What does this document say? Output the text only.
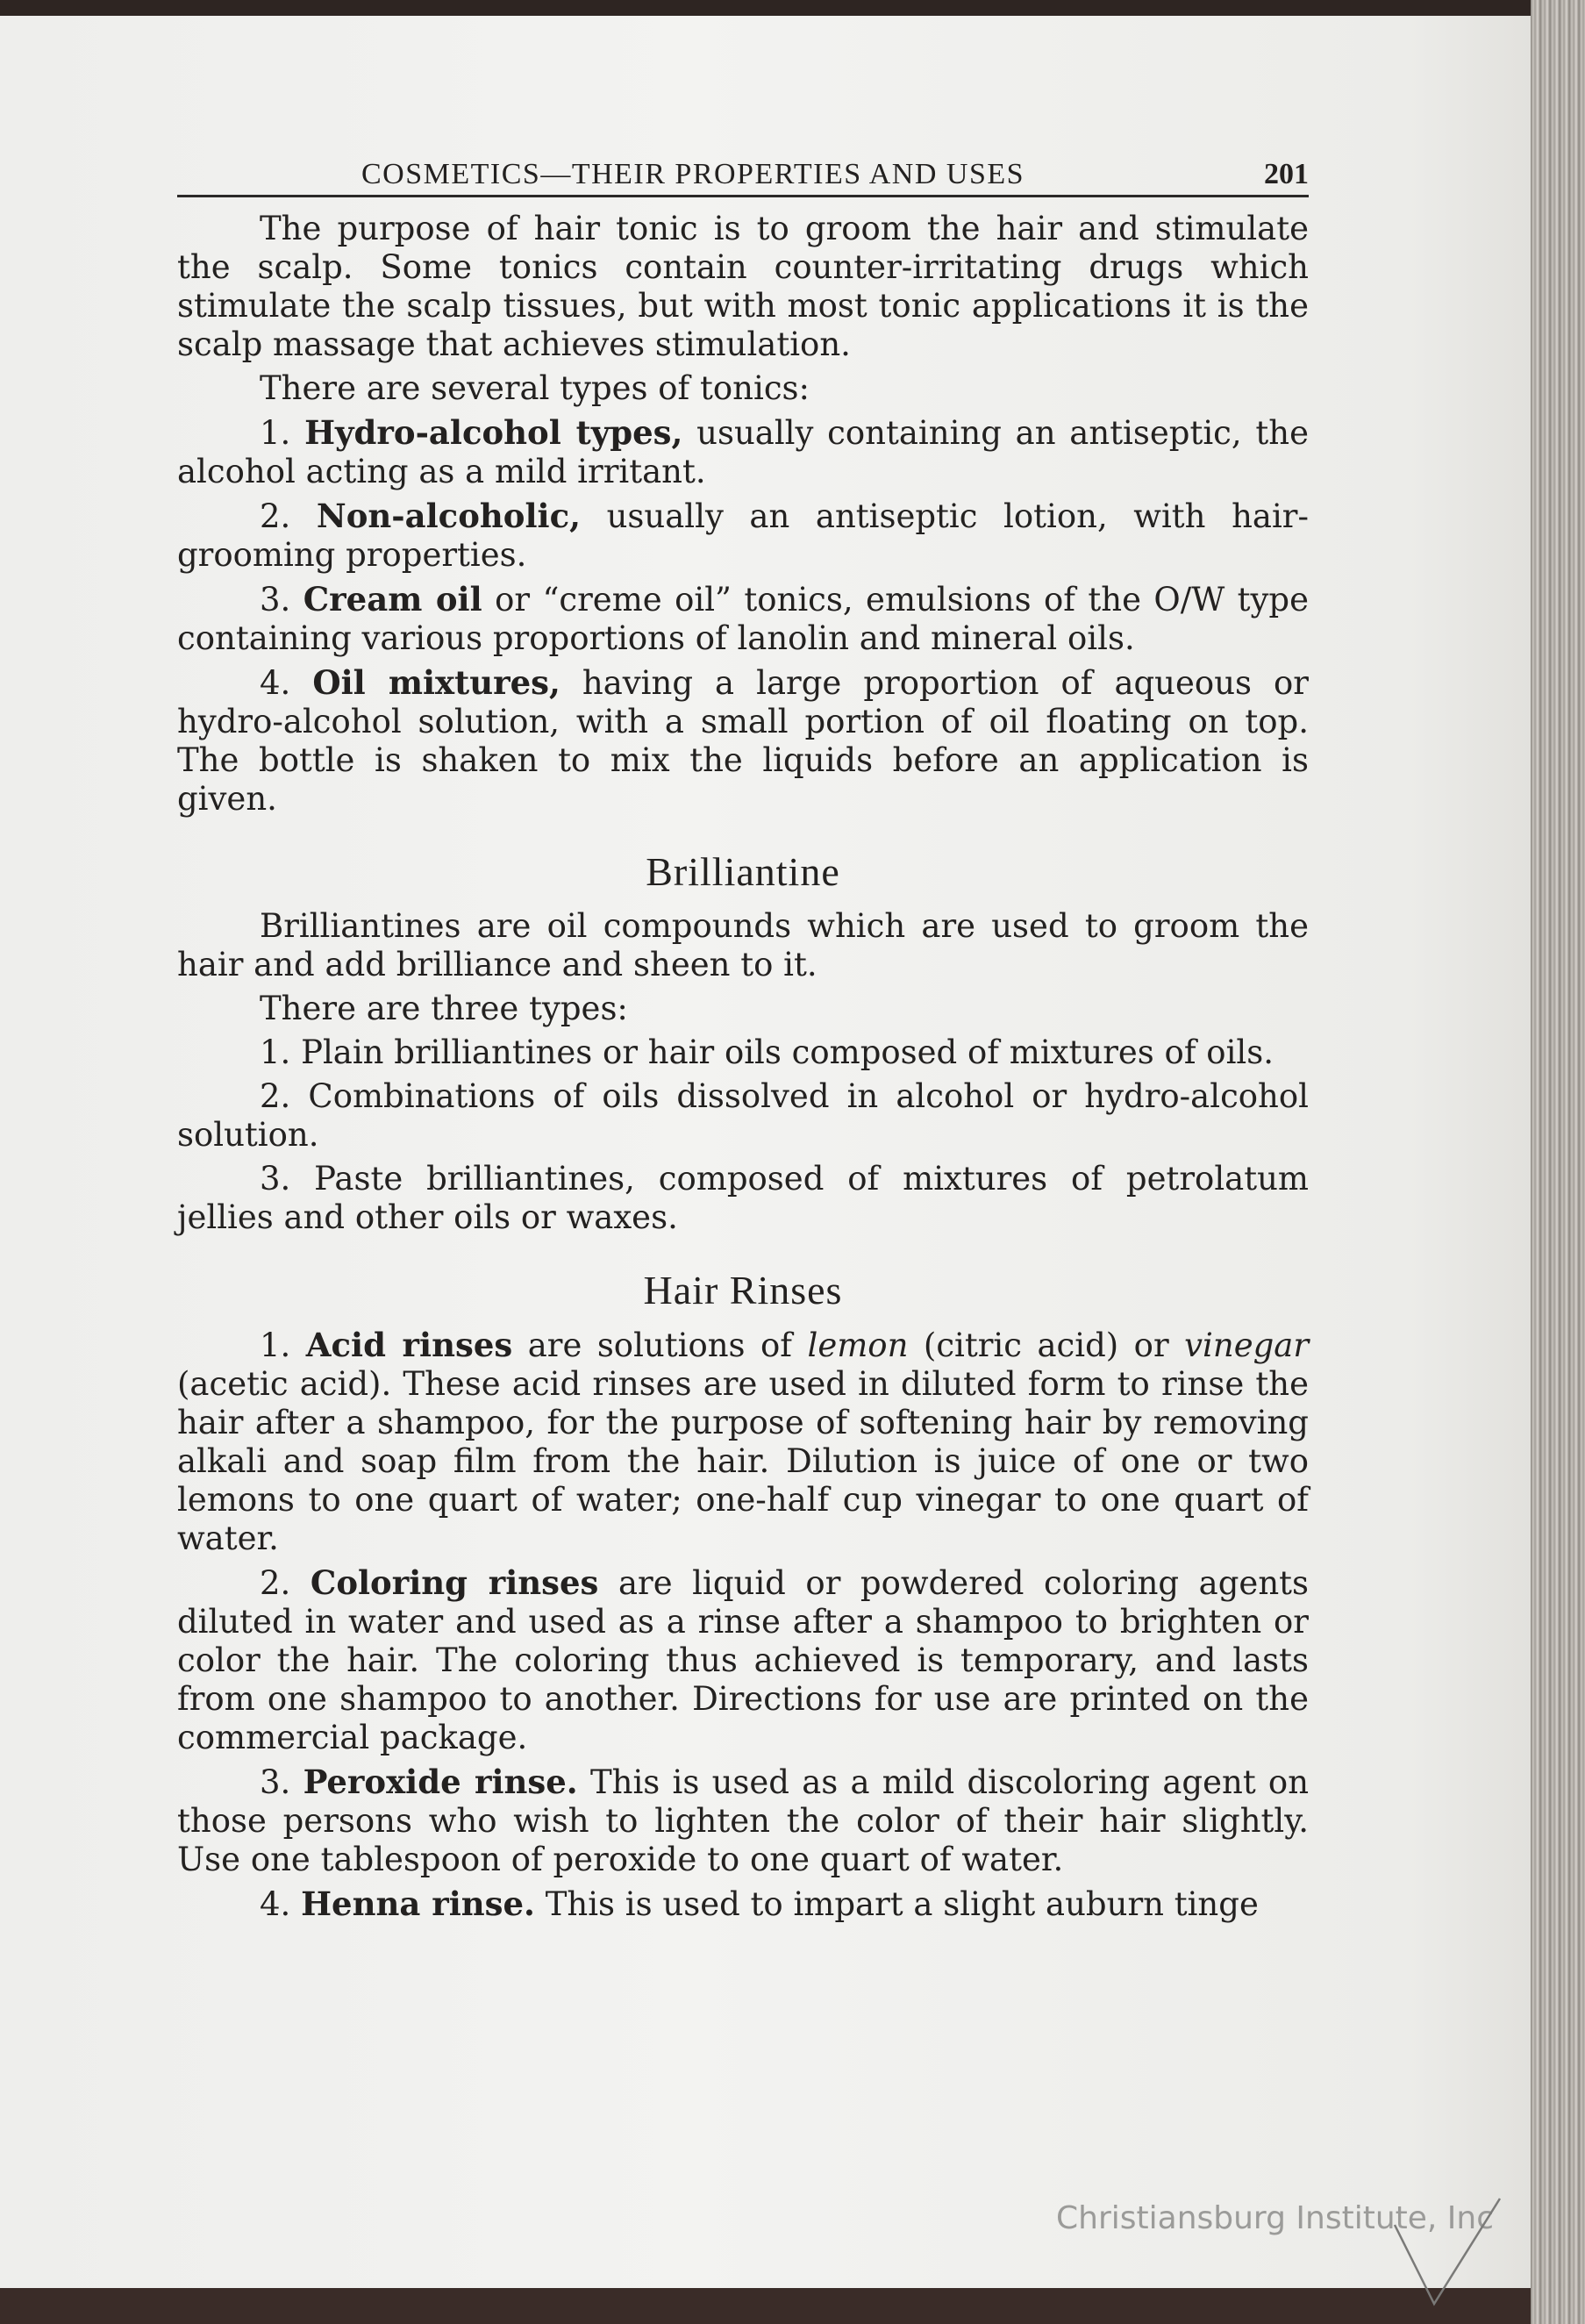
COSMETICS—THEIR PROPERTIES AND USES	201

The purpose of hair tonic is to groom the hair and stimulate the scalp. Some tonics contain counter-irritating drugs which stimulate the scalp tissues, but with most tonic applications it is the scalp massage that achieves stimulation.

There are several types of tonics:

1. Hydro-alcohol types, usually containing an antiseptic, the alcohol acting as a mild irritant.

2. Non-alcoholic, usually an antiseptic lotion, with hair-grooming properties.

3. Cream oil or “creme oil” tonics, emulsions of the O/W type containing various proportions of lanolin and mineral oils.

4. Oil mixtures, having a large proportion of aqueous or hydro-alcohol solution, with a small portion of oil floating on top. The bottle is shaken to mix the liquids before an application is given.

Brilliantine

Brilliantines are oil compounds which are used to groom the hair and add brilliance and sheen to it.

There are three types:

1. Plain brilliantines or hair oils composed of mixtures of oils.

2. Combinations of oils dissolved in alcohol or hydro-alcohol solution.

3. Paste brilliantines, composed of mixtures of petrolatum jellies and other oils or waxes.

Hair Rinses

1. Acid rinses are solutions of lemon (citric acid) or vinegar (acetic acid). These acid rinses are used in diluted form to rinse the hair after a shampoo, for the purpose of softening hair by removing alkali and soap film from the hair. Dilution is juice of one or two lemons to one quart of water; one-half cup vinegar to one quart of water.

2. Coloring rinses are liquid or powdered coloring agents diluted in water and used as a rinse after a shampoo to brighten or color the hair. The coloring thus achieved is temporary, and lasts from one shampoo to another. Directions for use are printed on the commercial package.

3. Peroxide rinse. This is used as a mild discoloring agent on those persons who wish to lighten the color of their hair slightly. Use one tablespoon of peroxide to one quart of water.

4. Henna rinse. This is used to impart a slight auburn tinge

Christiansburg Institute, Inc
